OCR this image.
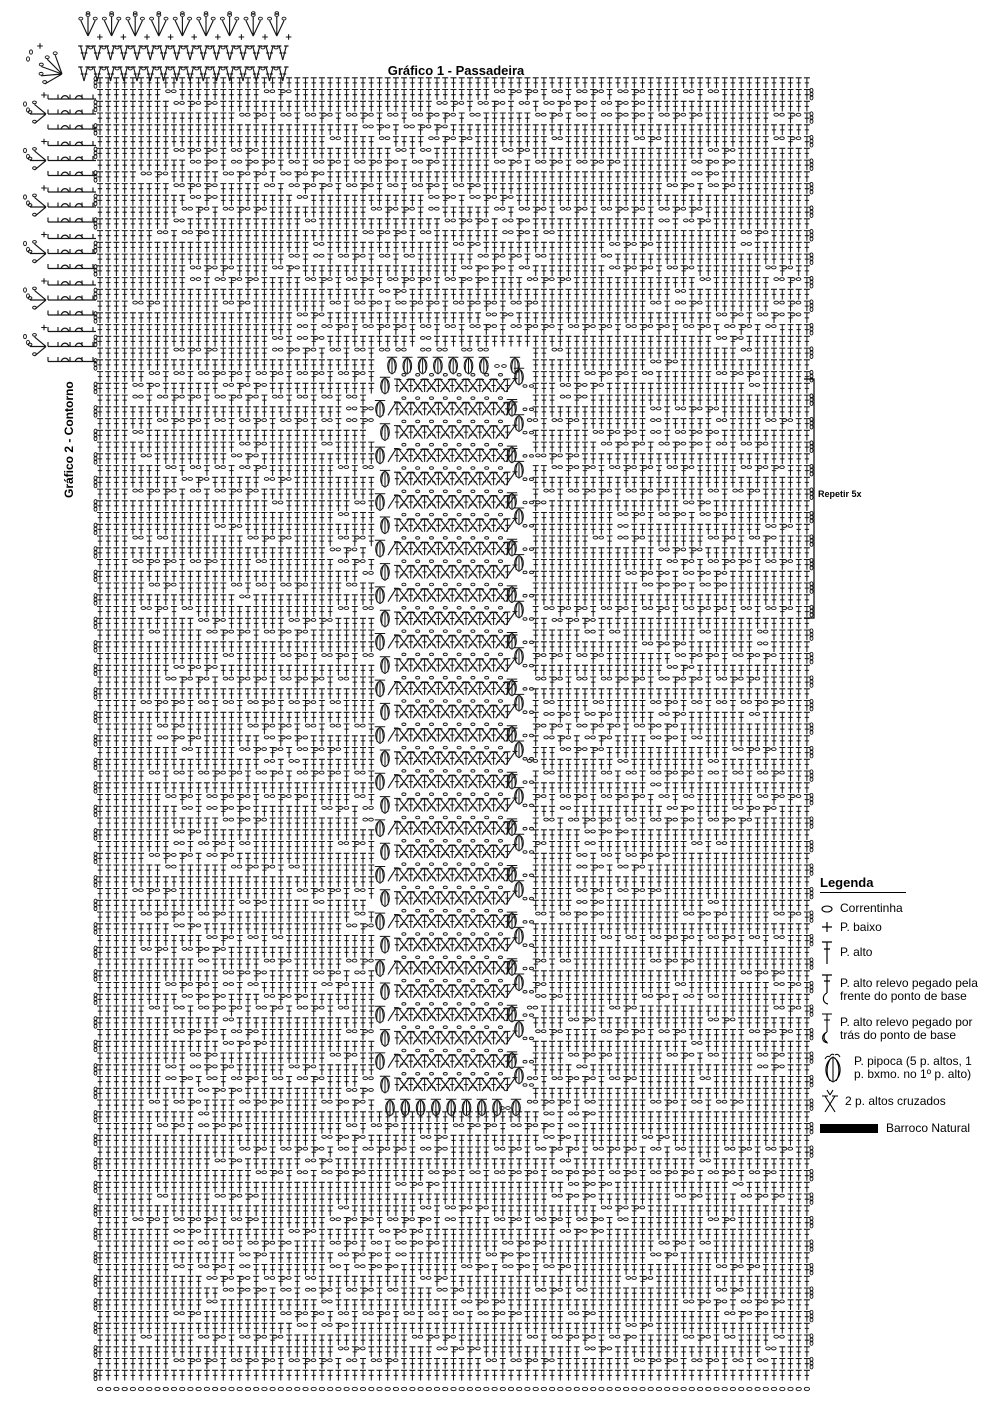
Gráfico 1 - Passadeira
Gráfico 2 - Contorno	Repetir 5x
Legenda
Correntinha
P. baixo
P. alto
P. alto relevo pegado pela
frente do ponto de base
P. alto relevo pegado por
trás do ponto de base
P. pipoca (5 p. altos, 1
p. bxmo. no 1º p. alto)
2 p. altos cruzados
Barroco Natural
